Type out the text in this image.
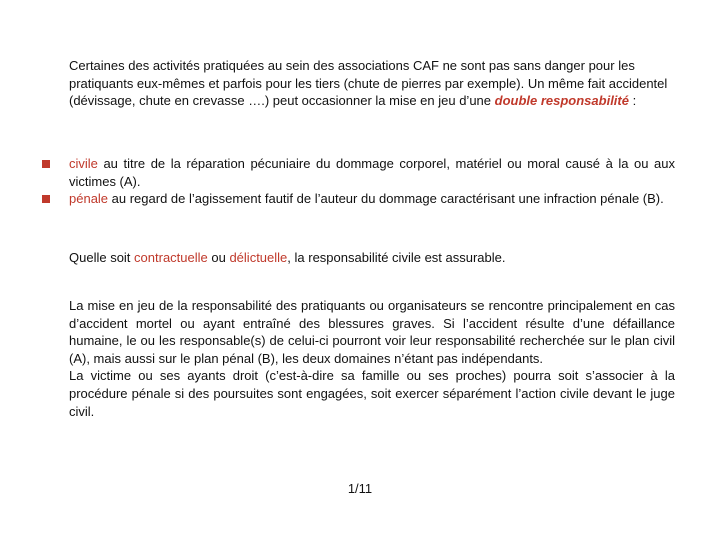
Certaines des activités pratiquées au sein des associations CAF ne sont pas sans danger pour les pratiquants eux-mêmes et parfois pour les tiers (chute de pierres par exemple). Un même fait accidentel (dévissage, chute en crevasse ….) peut occasionner la mise en jeu d’une double responsabilité :

civile au titre de la réparation pécuniaire du dommage corporel, matériel ou moral causé à la ou aux victimes (A).
pénale au regard de l’agissement fautif de l’auteur du dommage caractérisant une infraction pénale (B).

Quelle soit contractuelle ou délictuelle, la responsabilité civile est assurable.

La mise en jeu de la responsabilité des pratiquants ou organisateurs se rencontre principalement en cas d’accident mortel ou ayant entraîné des blessures graves. Si l’accident résulte d’une défaillance humaine, le ou les responsable(s) de celui-ci pourront voir leur responsabilité recherchée sur le plan civil (A), mais aussi sur le plan pénal (B), les deux domaines n’étant pas indépendants.
La victime ou ses ayants droit (c’est-à-dire sa famille ou ses proches) pourra soit s’associer à la procédure pénale si des poursuites sont engagées, soit exercer séparément l’action civile devant le juge civil.
1/11
